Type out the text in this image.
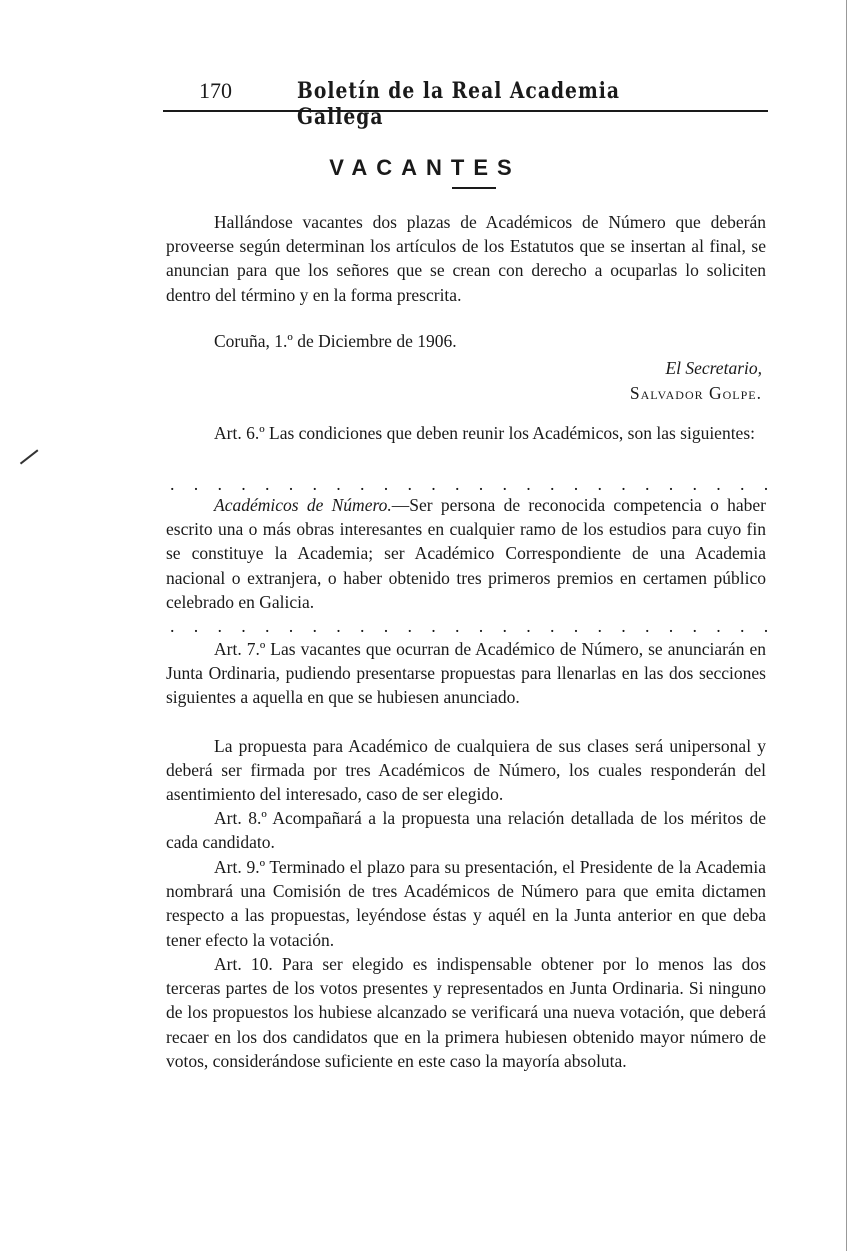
170	Boletín de la Real Academia Gallega
VACANTES

Hallándose vacantes dos plazas de Académicos de Número que deberán proveerse según determinan los artículos de los Estatutos que se insertan al final, se anuncian para que los señores que se crean con derecho a ocuparlas lo soliciten dentro del término y en la forma prescrita.

Coruña, 1.º de Diciembre de 1906.
El Secretario,
Salvador Golpe.

Art. 6.º Las condiciones que deben reunir los Académicos, son las siguientes:

. . . . . . . . . . . . . . . . . . . . . . . . . .

Académicos de Número.—Ser persona de reconocida competencia o haber escrito una o más obras interesantes en cualquier ramo de los estudios para cuyo fin se constituye la Academia; ser Académico Correspondiente de una Academia nacional o extranjera, o haber obtenido tres primeros premios en certamen público celebrado en Galicia.

. . . . . . . . . . . . . . . . . . . . . . . . . .

Art. 7.º Las vacantes que ocurran de Académico de Número, se anunciarán en Junta Ordinaria, pudiendo presentarse propuestas para llenarlas en las dos secciones siguientes a aquella en que se hubiesen anunciado.

La propuesta para Académico de cualquiera de sus clases será unipersonal y deberá ser firmada por tres Académicos de Número, los cuales responderán del asentimiento del interesado, caso de ser elegido.

Art. 8.º Acompañará a la propuesta una relación detallada de los méritos de cada candidato.

Art. 9.º Terminado el plazo para su presentación, el Presidente de la Academia nombrará una Comisión de tres Académicos de Número para que emita dictamen respecto a las propuestas, leyéndose éstas y aquél en la Junta anterior en que deba tener efecto la votación.

Art. 10. Para ser elegido es indispensable obtener por lo menos las dos terceras partes de los votos presentes y representados en Junta Ordinaria. Si ninguno de los propuestos los hubiese alcanzado se verificará una nueva votación, que deberá recaer en los dos candidatos que en la primera hubiesen obtenido mayor número de votos, considerándose suficiente en este caso la mayoría absoluta.
